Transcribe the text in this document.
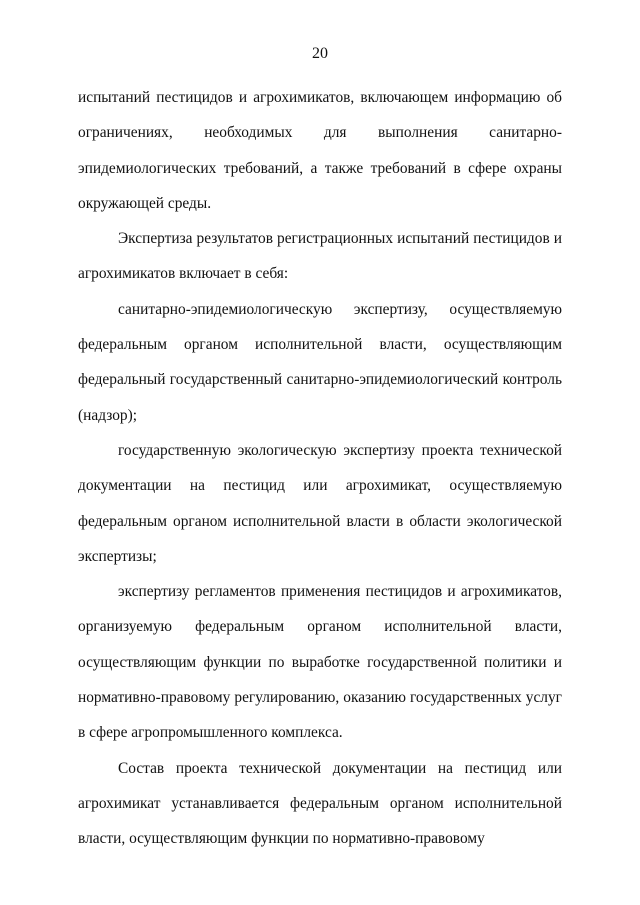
20

испытаний пестицидов и агрохимикатов, включающем информацию об ограничениях, необходимых для выполнения санитарно-эпидемиологических требований, а также требований в сфере охраны окружающей среды.

Экспертиза результатов регистрационных испытаний пестицидов и агрохимикатов включает в себя:

санитарно-эпидемиологическую экспертизу, осуществляемую федеральным органом исполнительной власти, осуществляющим федеральный государственный санитарно-эпидемиологический контроль (надзор);

государственную экологическую экспертизу проекта технической документации на пестицид или агрохимикат, осуществляемую федеральным органом исполнительной власти в области экологической экспертизы;

экспертизу регламентов применения пестицидов и агрохимикатов, организуемую федеральным органом исполнительной власти, осуществляющим функции по выработке государственной политики и нормативно-правовому регулированию, оказанию государственных услуг в сфере агропромышленного комплекса.

Состав проекта технической документации на пестицид или агрохимикат устанавливается федеральным органом исполнительной власти, осуществляющим функции по нормативно-правовому
